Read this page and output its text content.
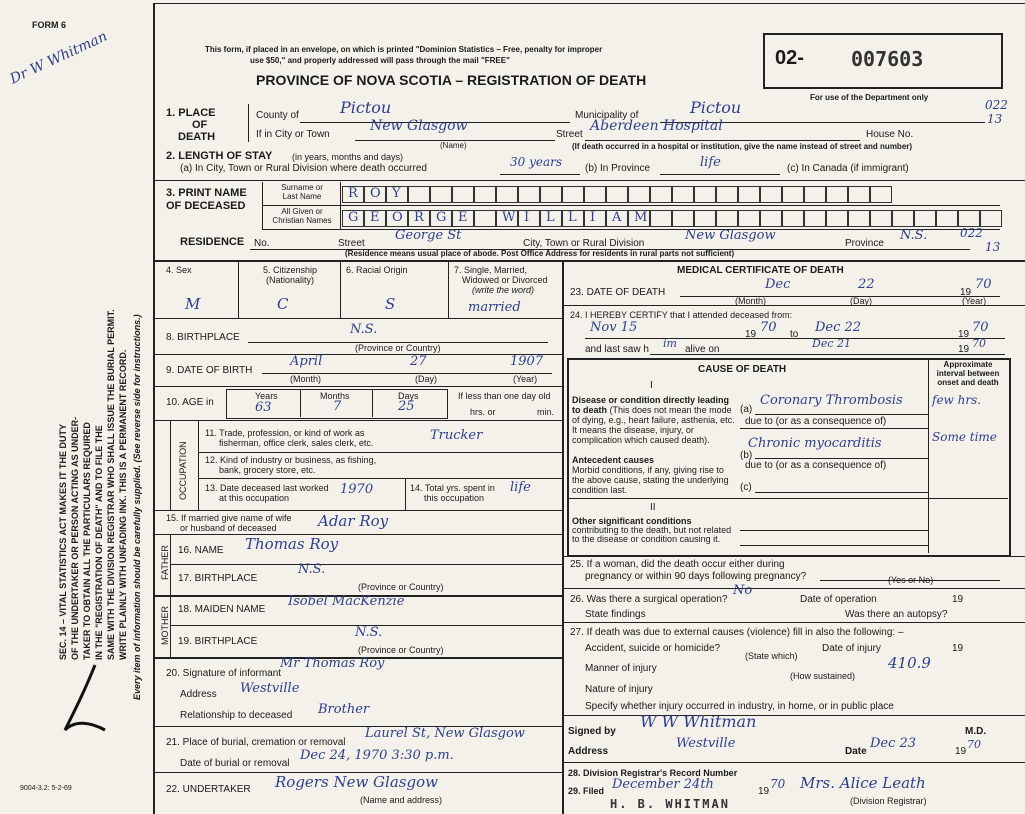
FORM 6
Dr W Whitman
SEC. 14 – VITAL STATISTICS ACT MAKES IT THE DUTY OF THE UNDERTAKER OR PERSON ACTING AS UNDER- TAKER TO OBTAIN ALL THE PARTICULARS REQUIRED IN THE "REGISTRATION OF DEATH" AND TO FILE THE SAME WITH THE DIVISION REGISTRAR WHO SHALL ISSUE THE BURIAL PERMIT. WRITE PLAINLY WITH UNFADING INK. THIS IS A PERMANENT RECORD. Every item of information should be carefully supplied. (See reverse side for instructions.)
9004-3.2: 5-2-69
This form, if placed in an envelope, on which is printed "Dominion Statistics – Free, penalty for improper
use $50," and properly addressed will pass through the mail "FREE"
PROVINCE OF NOVA SCOTIA – REGISTRATION OF DEATH
02- 007603
For use of the Department only
022
13
1. PLACE
OF
DEATH
County of	Pictou	Municipality of	Pictou
If in City or Town
New Glasgow
(Name)
Street
Aberdeen Hospital
House No.
(If death occurred in a hospital or institution, give the name instead of street and number)
2. LENGTH OF STAY (in years, months and days)
(a) In City, Town or Rural Division where death occurred	30 years (b) In Province	life	(c) In Canada (if immigrant)
3. PRINT NAME
OF DECEASED
Surname or
Last Name
All Given or
Christian Names
R O Y
G E O R G E	W I L L I A M
RESIDENCE No.	Street
George St
City, Town or Rural Division
New Glasgow
Province
N.S.	022
13
(Residence means usual place of abode. Post Office Address for residents in rural parts not sufficient)
4. Sex
M
5. Citizenship
(Nationality)
C
6. Racial Origin
S
7. Single, Married,
Widowed or Divorced
(write the word)
married
8. BIRTHPLACE
N.S.
(Province or Country)
9. DATE OF BIRTH
April	27	1907
(Month)	(Day)	(Year)
10. AGE in
Years
63
Months
7
Days
25
If less than one day old
hrs. or	min.
OCCUPATION
11. Trade, profession, or kind of work as
fisherman, office clerk, sales clerk, etc.	Trucker
12. Kind of industry or business, as fishing,
bank, grocery store, etc.
13. Date deceased last worked
at this occupation
1970	14. Total yrs. spent in
this occupation
life
15. If married give name of wife
or husband of deceased	Adar Roy
FATHER 16. NAME Thomas Roy
17. BIRTHPLACE
N.S.
(Province or Country)
MOTHER 18. MAIDEN NAME
Isobel MacKenzie
19. BIRTHPLACE
N.S.
(Province or Country)
20. Signature of informant
Mr Thomas Roy
Address Westville
Relationship to deceased Brother
21. Place of burial, cremation or removal
Laurel St, New Glasgow
Date of burial or removal
Dec 24, 1970 3:30 p.m.
22. UNDERTAKER Rogers New Glasgow
(Name and address)
MEDICAL CERTIFICATE OF DEATH
23. DATE OF DEATH
Dec	22
19
70
(Month)	(Day)	(Year)
24. I HEREBY CERTIFY that I attended deceased from:
Nov 15	19 70 to Dec 22	19 70
and last saw h im alive on	Dec 21	19 70
CAUSE OF DEATH	Approximate interval between onset and death
I
Disease or condition directly leading to death (This does not mean the mode of dying, e.g., heart failure, asthenia, etc. It means the disease, injury, or complication which caused death).
(a)
Coronary Thrombosis few hrs.
due to (or as a consequence of)
Antecedent causes
Morbid conditions, if any, giving rise to the above cause, stating the underlying condition last.
(b)
Chronic myocarditis	Some time
due to (or as a consequence of)
(c)
II
Other significant conditions
contributing to the death, but not related to the disease or condition causing it.
25. If a woman, did the death occur either during
pregnancy or within 90 days following pregnancy?	(Yes or No)
26. Was there a surgical operation?
No
Date of operation	19
State findings	Was there an autopsy?
27. If death was due to external causes (violence) fill in also the following: –
Accident, suicide or homicide?
(State which)
Date of injury	19
Manner of injury	410.9
(How sustained)
Nature of injury
Specify whether injury occurred in industry, in home, or in public place
Signed by
W W Whitman
M.D.
Address
Westville
Date
Dec 23
19
70
28. Division Registrar's Record Number
29. Filed December 24th	19
70 Mrs. Alice Leath
(Division Registrar)
H. B. WHITMAN
